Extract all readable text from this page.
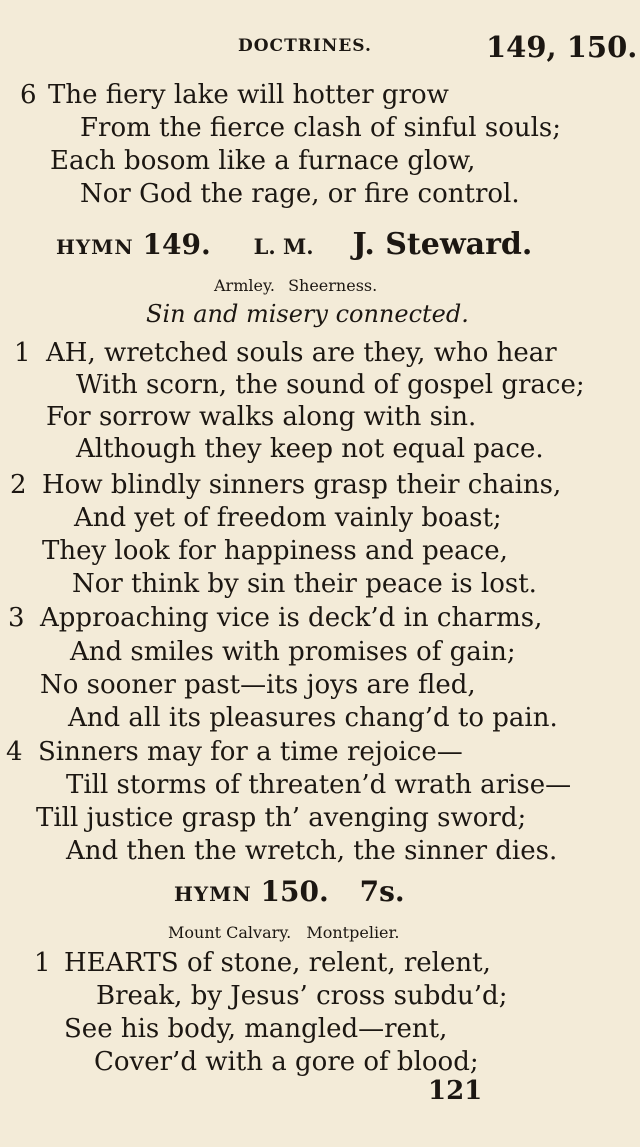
DOCTRINES.	149, 150.
6 The fiery lake will hotter grow
From the fierce clash of sinful souls;
Each bosom like a furnace glow,
Nor God the rage, or fire control.
HYMN 149. L. M. J. Steward.
Armley. Sheerness.
Sin and misery connected.
1 AH, wretched souls are they, who hear
With scorn, the sound of gospel grace;
For sorrow walks along with sin.
Although they keep not equal pace.
2 How blindly sinners grasp their chains,
And yet of freedom vainly boast;
They look for happiness and peace,
Nor think by sin their peace is lost.
3 Approaching vice is deck’d in charms,
And smiles with promises of gain;
No sooner past—its joys are fled,
And all its pleasures chang’d to pain.
4 Sinners may for a time rejoice—
Till storms of threaten’d wrath arise—
Till justice grasp th’ avenging sword;
And then the wretch, the sinner dies.
HYMN 150. 7s.
Mount Calvary. Montpelier.
1 HEARTS of stone, relent, relent,
Break, by Jesus’ cross subdu’d;
See his body, mangled—rent,
Cover’d with a gore of blood;
121
